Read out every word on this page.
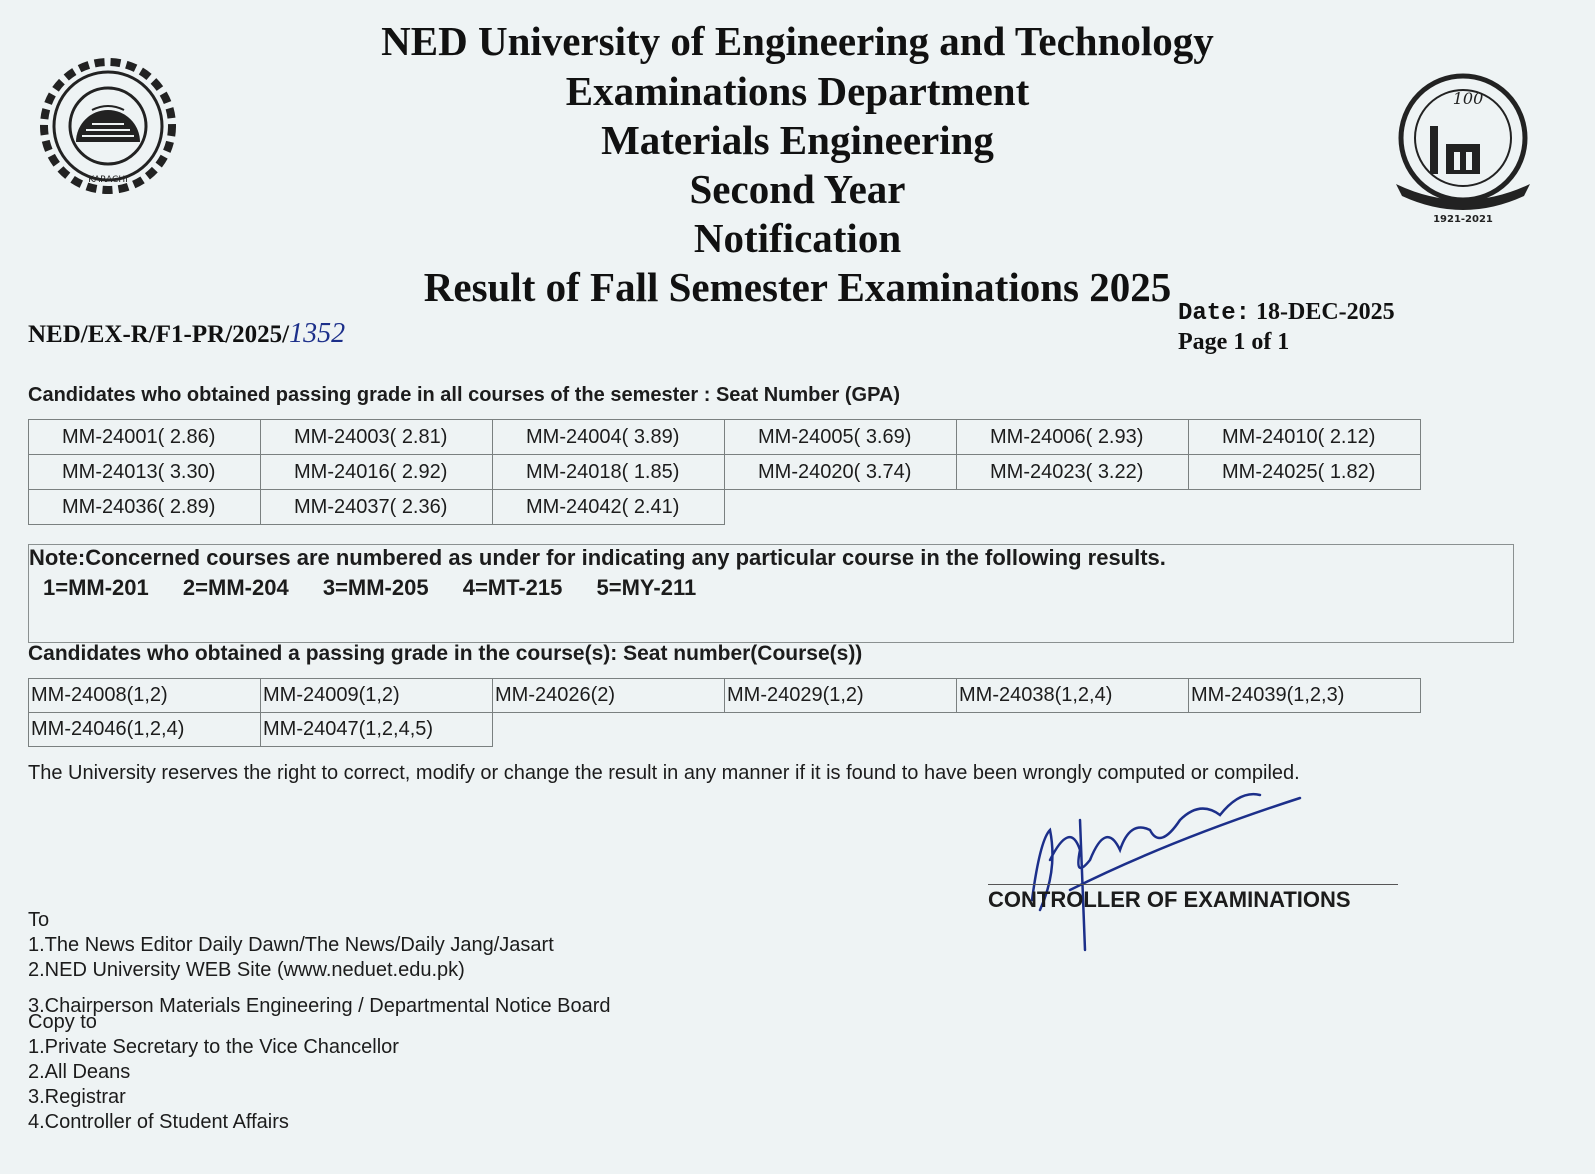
NED University of Engineering and Technology
Examinations Department
Materials Engineering
Second Year
Notification
Result of Fall Semester Examinations 2025
KARACHI
100
1921-2021
NED/EX-R/F1-PR/2025/1352
Date: 18-DEC-2025
Page 1 of 1
Candidates who obtained passing grade in all courses of the semester : Seat Number (GPA)
MM-24001( 2.86)	MM-24003( 2.81)	MM-24004( 3.89)	MM-24005( 3.69)	MM-24006( 2.93)	MM-24010( 2.12)
MM-24013( 3.30)	MM-24016( 2.92)	MM-24018( 1.85)	MM-24020( 3.74)	MM-24023( 3.22)	MM-24025( 1.82)
MM-24036( 2.89)	MM-24037( 2.36)	MM-24042( 2.41)			
Note:Concerned courses are numbered as under for indicating any particular course in the following results.
1=MM-201 2=MM-204 3=MM-205 4=MT-215 5=MY-211
Candidates who obtained a passing grade in the course(s): Seat number(Course(s))
MM-24008(1,2)	MM-24009(1,2)	MM-24026(2)	MM-24029(1,2)	MM-24038(1,2,4)	MM-24039(1,2,3)
MM-24046(1,2,4)	MM-24047(1,2,4,5)				
The University reserves the right to correct, modify or change the result in any manner if it is found to have been wrongly computed or compiled.
CONTROLLER OF EXAMINATIONS
To
1.The News Editor Daily Dawn/The News/Daily Jang/Jasart
2.NED University WEB Site (www.neduet.edu.pk)
3.Chairperson Materials Engineering / Departmental Notice Board
Copy to
1.Private Secretary to the Vice Chancellor
2.All Deans
3.Registrar
4.Controller of Student Affairs
